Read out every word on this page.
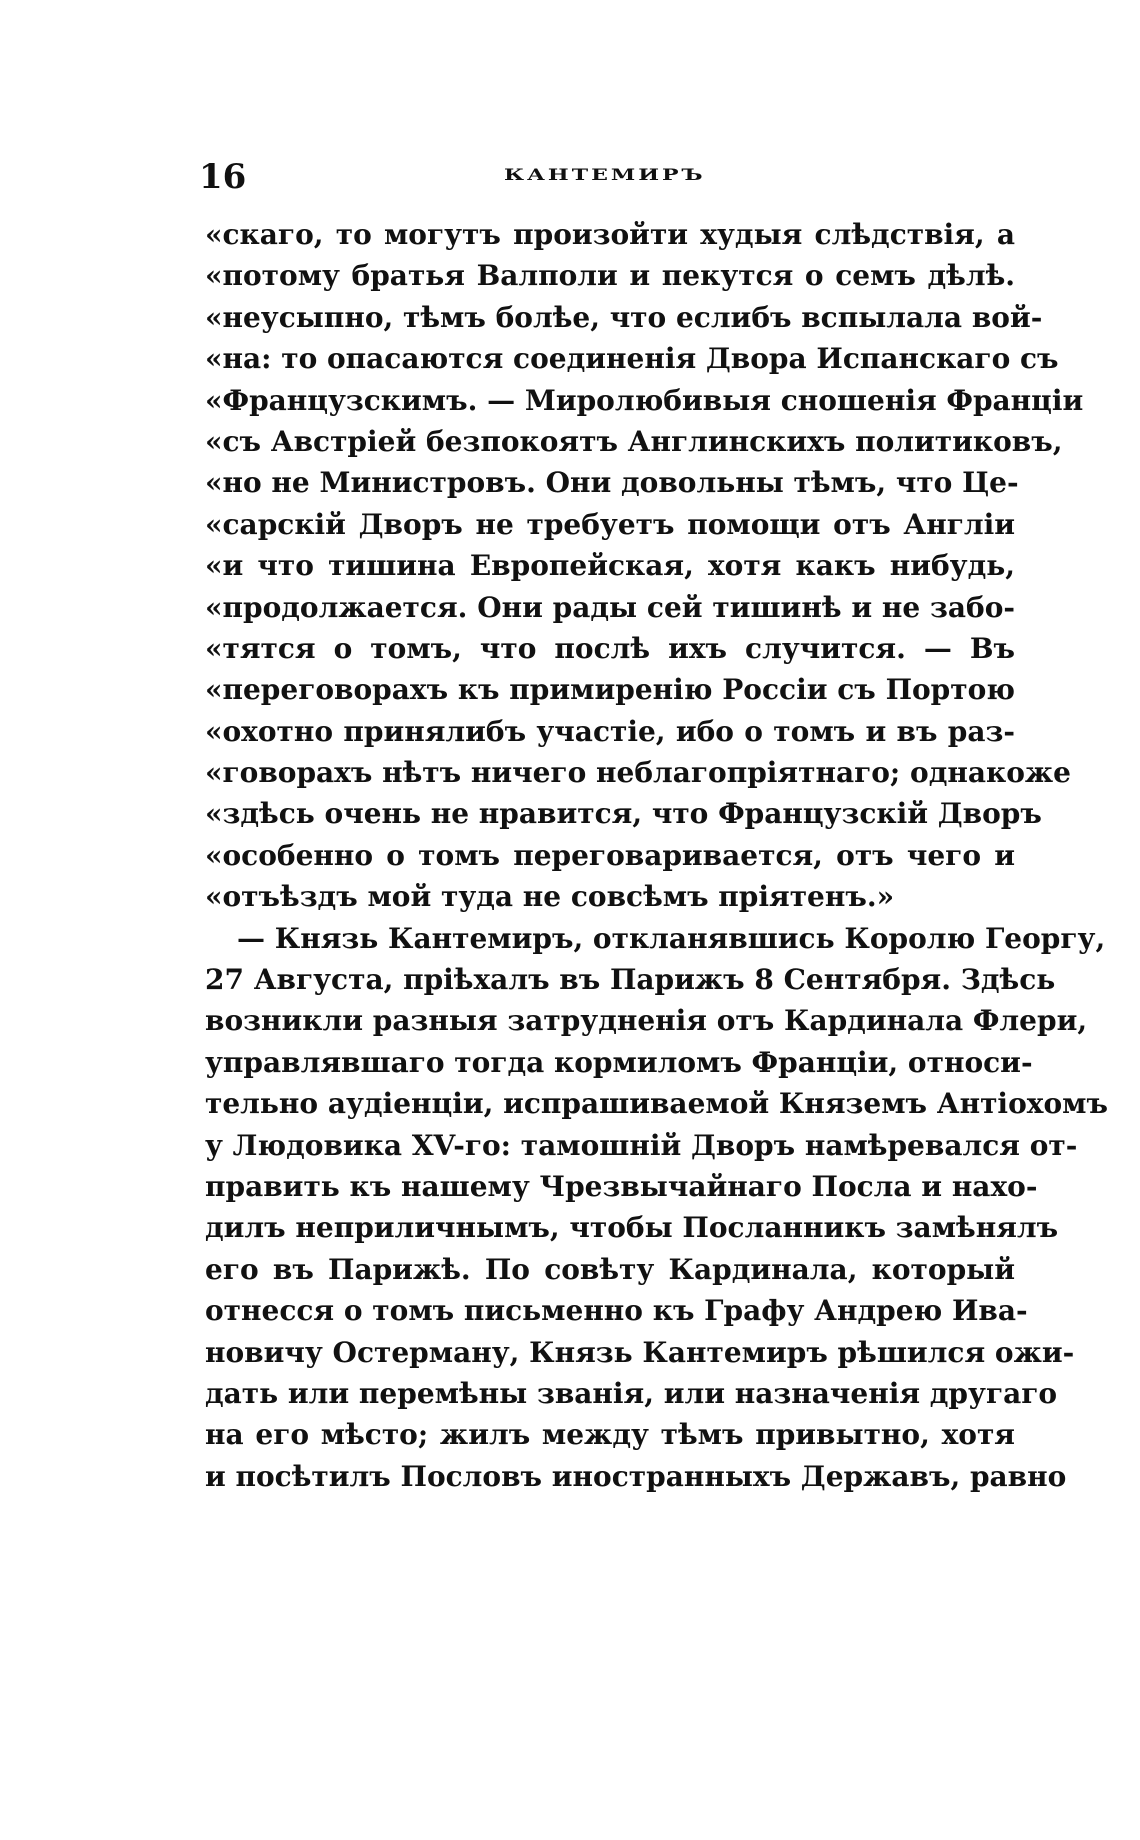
16	КАНТЕМИРЪ
«скаго, то могутъ произойти худыя слѣдствія, а
«потому братья Валполи и пекутся о семъ дѣлѣ.
«неусыпно, тѣмъ болѣе, что еслибъ вспылала вой-
«на: то опасаются соединенія Двора Испанскаго съ
«Французскимъ. — Миролюбивыя сношенія Франціи
«съ Австріей безпокоятъ Англинскихъ политиковъ,
«но не Министровъ. Они довольны тѣмъ, что Це-
«сарскій Дворъ не требуетъ помощи отъ Англіи
«и что тишина Европейская, хотя какъ нибудь,
«продолжается. Они рады сей тишинѣ и не забо-
«тятся о томъ, что послѣ ихъ случится. — Въ
«переговорахъ къ примиренію Россіи съ Портою
«охотно принялибъ участіе, ибо о томъ и въ раз-
«говорахъ нѣтъ ничего неблагопріятнаго; однакоже
«здѣсь очень не нравится, что Французскій Дворъ
«особенно о томъ переговаривается, отъ чего и
«отъѣздъ мой туда не совсѣмъ пріятенъ.»
— Князь Кантемиръ, откланявшись Королю Георгу,
27 Августа, пріѣхалъ въ Парижъ 8 Сентября. Здѣсь
возникли разныя затрудненія отъ Кардинала Флери,
управлявшаго тогда кормиломъ Франціи, относи-
тельно аудіенціи, испрашиваемой Княземъ Антіохомъ
у Людовика XV-го: тамошній Дворъ намѣревался от-
править къ нашему Чрезвычайнаго Посла и нахо-
дилъ неприличнымъ, чтобы Посланникъ замѣнялъ
его въ Парижѣ. По совѣту Кардинала, который
отнесся о томъ письменно къ Графу Андрею Ива-
новичу Остерману, Князь Кантемиръ рѣшился ожи-
дать или перемѣны званія, или назначенія другаго
на его мѣсто; жилъ между тѣмъ привытно, хотя
и посѣтилъ Пословъ иностранныхъ Державъ, равно
